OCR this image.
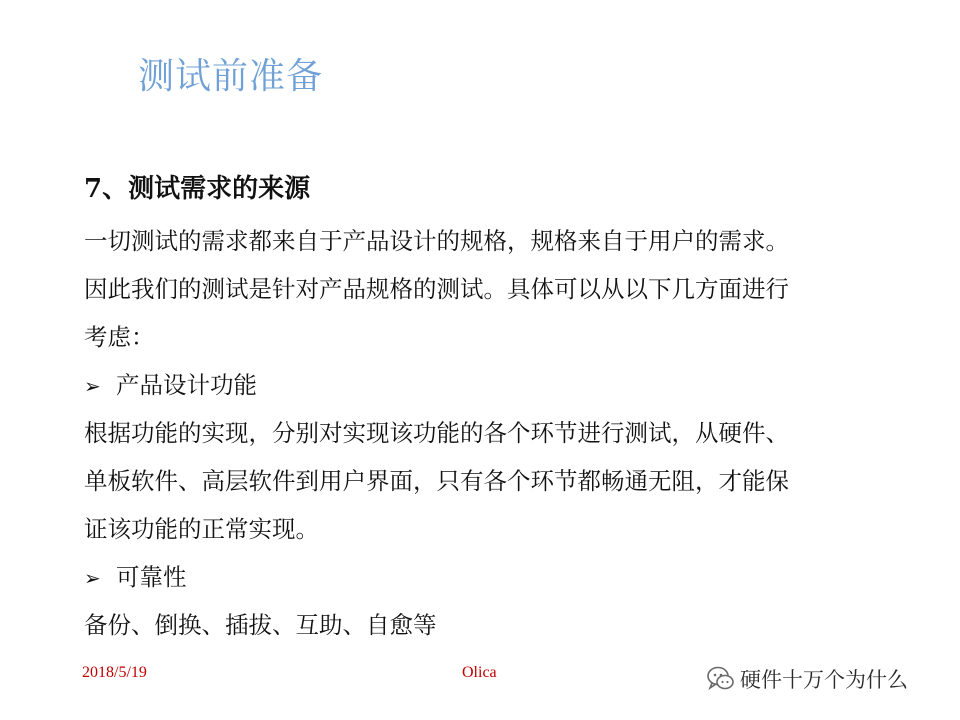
测试前准备
7、测试需求的来源
一切测试的需求都来自于产品设计的规格，规格来自于用户的需求。
因此我们的测试是针对产品规格的测试。具体可以从以下几方面进行
考虑：
➢ 产品设计功能
根据功能的实现，分别对实现该功能的各个环节进行测试，从硬件、
单板软件、高层软件到用户界面，只有各个环节都畅通无阻，才能保
证该功能的正常实现。
➢ 可靠性
备份、倒换、插拔、互助、自愈等
2018/5/19	Olica	硬件十万个为什么
